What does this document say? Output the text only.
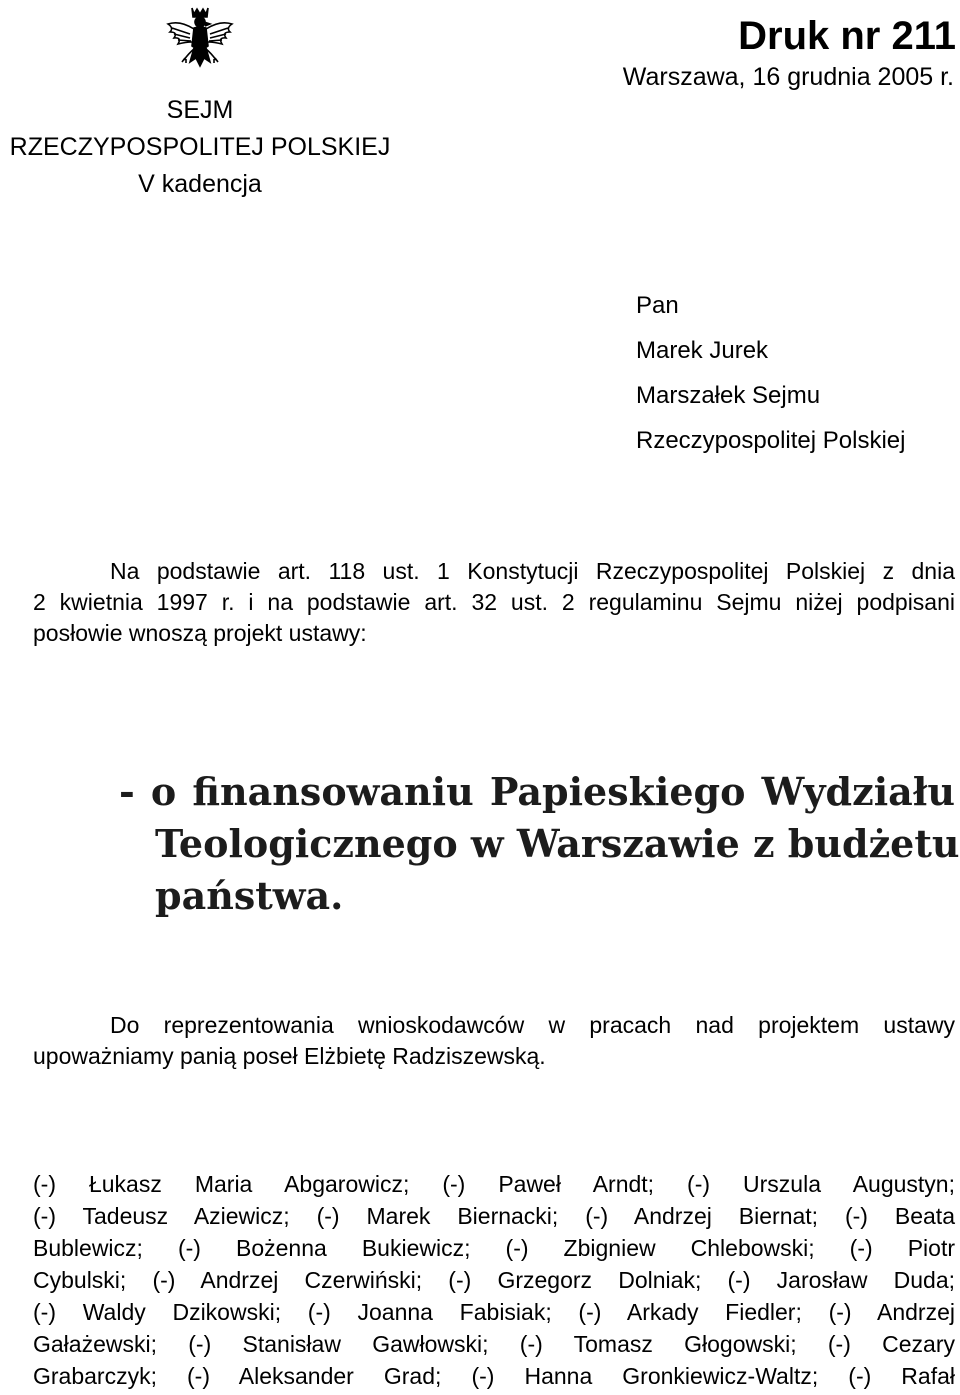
SEJM
RZECZYPOSPOLITEJ POLSKIEJ
V kadencja
Druk nr 211
Warszawa, 16 grudnia 2005 r.
Pan
Marek Jurek
Marszałek Sejmu
Rzeczypospolitej Polskiej
Na podstawie art. 118 ust. 1 Konstytucji Rzeczypospolitej Polskiej z dnia
2 kwietnia 1997 r. i na podstawie art. 32 ust. 2 regulaminu Sejmu niżej podpisani
posłowie wnoszą projekt ustawy:
- o finansowaniu Papieskiego Wydziału
Teologicznego w Warszawie z budżetu
państwa.
Do reprezentowania wnioskodawców w pracach nad projektem ustawy
upoważniamy panią poseł Elżbietę Radziszewską.
(-) Łukasz Maria Abgarowicz; (-) Paweł Arndt; (-) Urszula Augustyn;
(-) Tadeusz Aziewicz; (-) Marek Biernacki; (-) Andrzej Biernat; (-) Beata
Bublewicz; (-) Bożenna Bukiewicz; (-) Zbigniew Chlebowski; (-) Piotr
Cybulski; (-) Andrzej Czerwiński; (-) Grzegorz Dolniak; (-) Jarosław Duda;
(-) Waldy Dzikowski; (-) Joanna Fabisiak; (-) Arkady Fiedler; (-) Andrzej
Gałażewski; (-) Stanisław Gawłowski; (-) Tomasz Głogowski; (-) Cezary
Grabarczyk; (-) Aleksander Grad; (-) Hanna Gronkiewicz-Waltz; (-) Rafał
